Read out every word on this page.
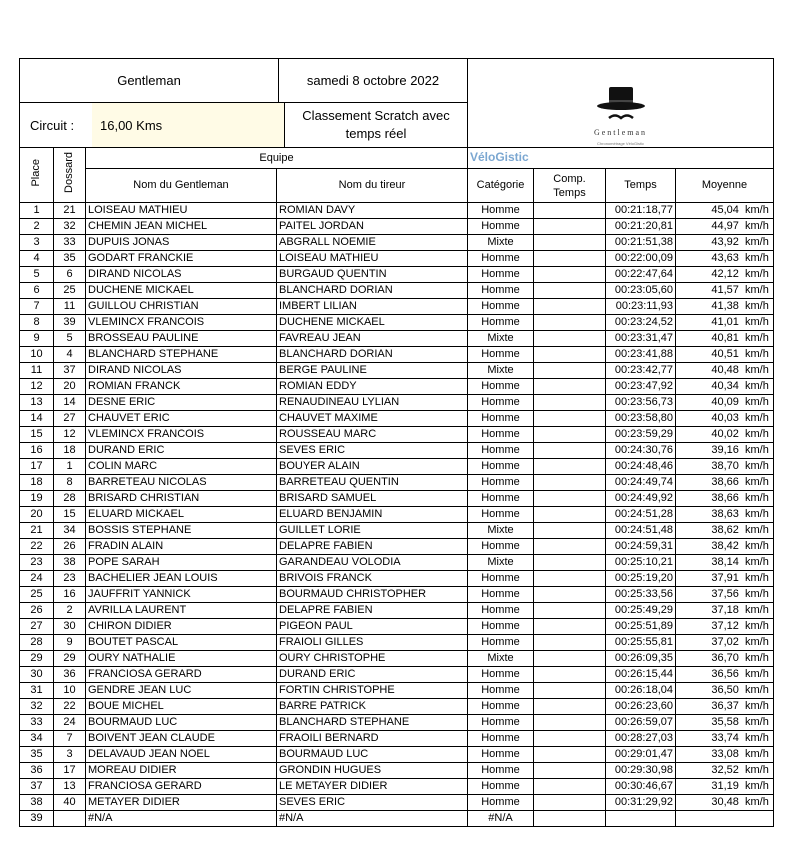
Gentleman	samedi 8 octobre 2022

Gentleman
Chronométrage VéloGistic

Circuit :	16,00 Kms	Classement Scratch avec temps réel

Place	Dossard	Equipe	VéloGistic
Nom du Gentleman	Nom du tireur	Catégorie	Comp. Temps	Temps	Moyenne
1	21	LOISEAU MATHIEU	ROMIAN DAVY	Homme		00:21:18,77	45,04 km/h
2	32	CHEMIN JEAN MICHEL	PAITEL JORDAN	Homme		00:21:20,81	44,97 km/h
3	33	DUPUIS JONAS	ABGRALL NOEMIE	Mixte		00:21:51,38	43,92 km/h
4	35	GODART FRANCKIE	LOISEAU MATHIEU	Homme		00:22:00,09	43,63 km/h
5	6	DIRAND NICOLAS	BURGAUD QUENTIN	Homme		00:22:47,64	42,12 km/h
6	25	DUCHENE MICKAEL	BLANCHARD DORIAN	Homme		00:23:05,60	41,57 km/h
7	11	GUILLOU CHRISTIAN	IMBERT LILIAN	Homme		00:23:11,93	41,38 km/h
8	39	VLEMINCX FRANCOIS	DUCHENE MICKAEL	Homme		00:23:24,52	41,01 km/h
9	5	BROSSEAU PAULINE	FAVREAU JEAN	Mixte		00:23:31,47	40,81 km/h
10	4	BLANCHARD STEPHANE	BLANCHARD DORIAN	Homme		00:23:41,88	40,51 km/h
11	37	DIRAND NICOLAS	BERGE PAULINE	Mixte		00:23:42,77	40,48 km/h
12	20	ROMIAN FRANCK	ROMIAN EDDY	Homme		00:23:47,92	40,34 km/h
13	14	DESNE ERIC	RENAUDINEAU LYLIAN	Homme		00:23:56,73	40,09 km/h
14	27	CHAUVET ERIC	CHAUVET MAXIME	Homme		00:23:58,80	40,03 km/h
15	12	VLEMINCX FRANCOIS	ROUSSEAU MARC	Homme		00:23:59,29	40,02 km/h
16	18	DURAND ERIC	SEVES ERIC	Homme		00:24:30,76	39,16 km/h
17	1	COLIN MARC	BOUYER ALAIN	Homme		00:24:48,46	38,70 km/h
18	8	BARRETEAU NICOLAS	BARRETEAU QUENTIN	Homme		00:24:49,74	38,66 km/h
19	28	BRISARD CHRISTIAN	BRISARD SAMUEL	Homme		00:24:49,92	38,66 km/h
20	15	ELUARD MICKAEL	ELUARD BENJAMIN	Homme		00:24:51,28	38,63 km/h
21	34	BOSSIS STEPHANE	GUILLET LORIE	Mixte		00:24:51,48	38,62 km/h
22	26	FRADIN ALAIN	DELAPRE FABIEN	Homme		00:24:59,31	38,42 km/h
23	38	POPE SARAH	GARANDEAU VOLODIA	Mixte		00:25:10,21	38,14 km/h
24	23	BACHELIER JEAN LOUIS	BRIVOIS FRANCK	Homme		00:25:19,20	37,91 km/h
25	16	JAUFFRIT YANNICK	BOURMAUD CHRISTOPHER	Homme		00:25:33,56	37,56 km/h
26	2	AVRILLA LAURENT	DELAPRE FABIEN	Homme		00:25:49,29	37,18 km/h
27	30	CHIRON DIDIER	PIGEON PAUL	Homme		00:25:51,89	37,12 km/h
28	9	BOUTET PASCAL	FRAIOLI GILLES	Homme		00:25:55,81	37,02 km/h
29	29	OURY NATHALIE	OURY CHRISTOPHE	Mixte		00:26:09,35	36,70 km/h
30	36	FRANCIOSA GERARD	DURAND ERIC	Homme		00:26:15,44	36,56 km/h
31	10	GENDRE JEAN LUC	FORTIN CHRISTOPHE	Homme		00:26:18,04	36,50 km/h
32	22	BOUE MICHEL	BARRE PATRICK	Homme		00:26:23,60	36,37 km/h
33	24	BOURMAUD LUC	BLANCHARD STEPHANE	Homme		00:26:59,07	35,58 km/h
34	7	BOIVENT JEAN CLAUDE	FRAOILI BERNARD	Homme		00:28:27,03	33,74 km/h
35	3	DELAVAUD JEAN NOEL	BOURMAUD LUC	Homme		00:29:01,47	33,08 km/h
36	17	MOREAU DIDIER	GRONDIN HUGUES	Homme		00:29:30,98	32,52 km/h
37	13	FRANCIOSA GERARD	LE METAYER DIDIER	Homme		00:30:46,67	31,19 km/h
38	40	METAYER DIDIER	SEVES ERIC	Homme		00:31:29,92	30,48 km/h
39		#N/A	#N/A	#N/A			
